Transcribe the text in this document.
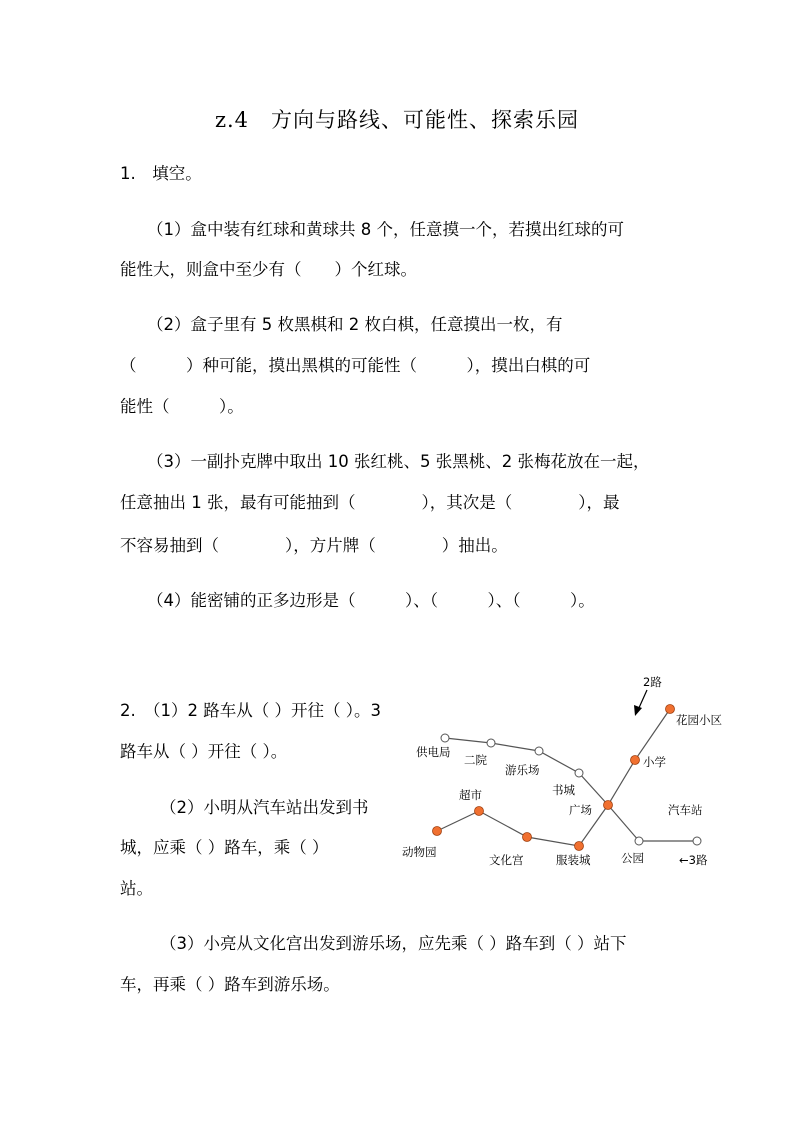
z.4　方向与路线、可能性、探索乐园
1.　填空。
（1）盒中装有红球和黄球共 8 个，任意摸一个，若摸出红球的可
能性大，则盒中至少有（　　）个红球。
（2）盒子里有 5 枚黑棋和 2 枚白棋，任意摸出一枚，有
（　　　）种可能，摸出黑棋的可能性（　　　），摸出白棋的可
能性（　　　）。
（3）一副扑克牌中取出 10 张红桃、5 张黑桃、2 张梅花放在一起，
任意抽出 1 张，最有可能抽到（　　　　），其次是（　　　　），最
不容易抽到（　　　　），方片牌（　　　　）抽出。
（4）能密铺的正多边形是（　　　）、（　　　）、（　　　）。
2.　（1）2 路车从（ ）开往（ ）。3
路车从（ ）开往（ ）。
（2）小明从汽车站出发到书
城，应乘（ ）路车，乘（ ）
站。
（3）小亮从文化宫出发到游乐场，应先乘（ ）路车到（ ）站下
车，再乘（ ）路车到游乐场。
2路
花园小区
小学
供电局
二院
游乐场
书城
广场	汽车站
超市
动物园
文化宫	服装城	公园	←3路
